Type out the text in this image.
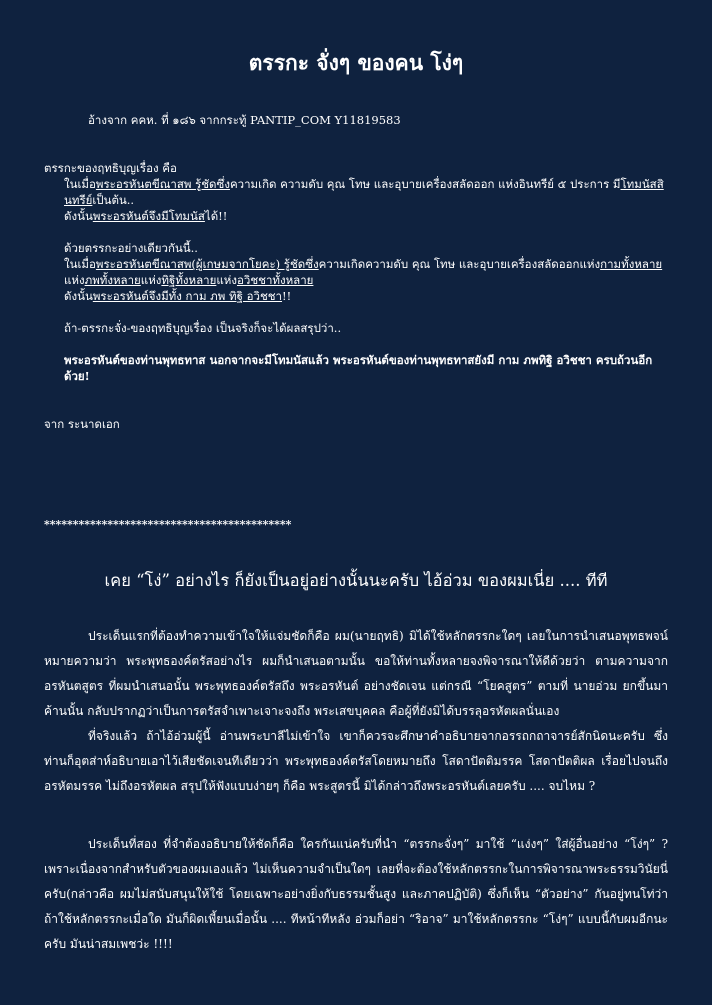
ตรรกะ จั่งๆ ของคน โง่ๆ

อ้างจาก คคห. ที่ ๑๘๖ จากกระทู้ PANTIP_COM Y11819583

ตรรกะของฤทธิบุญเรื่อง คือ

ในเมื่อพระอรหันตขีณาสพ รู้ชัดซึ่งความเกิด ความดับ คุณ โทษ และอุบายเครื่องสลัดออก แห่งอินทรีย์ ๕ ประการ มีโทมนัสสินทรีย์เป็นต้น..

ดังนั้นพระอรหันต์จึงมีโทมนัสได้!!

ด้วยตรรกะอย่างเดียวกันนี้..

ในเมื่อพระอรหันตขีณาสพ(ผู้เกษมจากโยคะ) รู้ชัดซึ่งความเกิดความดับ คุณ โทษ และอุบายเครื่องสลัดออกแห่งกามทั้งหลายแห่งภพทั้งหลายแห่งทิฐิทั้งหลายแห่งอวิชชาทั้งหลาย

ดังนั้นพระอรหันต์จึงมีทั้ง กาม ภพ ทิฐิ อวิชชา!!

ถ้า-ตรรกะจั่ง-ของฤทธิบุญเรื่อง เป็นจริงก็จะได้ผลสรุปว่า..

พระอรหันต์ของท่านพุทธทาส นอกจากจะมีโทมนัสแล้ว พระอรหันต์ของท่านพุทธทาสยังมี กาม ภพทิฐิ อวิชชา ครบถ้วนอีกด้วย!

จาก ระนาดเอก

*******************************************
เคย “โง่” อย่างไร ก็ยังเป็นอยู่อย่างนั้นนะครับ ไอ้อ่วม ของผมเนี่ย .... ทีที

ประเด็นแรกที่ต้องทำความเข้าใจให้แจ่มชัดก็คือ ผม(นายฤทธิ) มิได้ใช้หลักตรรกะใดๆ เลยในการนำเสนอพุทธพจน์ หมายความว่า พระพุทธองค์ตรัสอย่างไร ผมก็นำเสนอตามนั้น ขอให้ท่านทั้งหลายจงพิจารณาให้ดีด้วยว่า ตามความจาก อรหันตสูตร ที่ผมนำเสนอนั้น พระพุทธองค์ตรัสถึง พระอรหันต์ อย่างชัดเจน แต่กรณี “โยคสูตร” ตามที่ นายอ่วม ยกขึ้นมาค้านนั้น กลับปรากฏว่าเป็นการตรัสจำเพาะเจาะจงถึง พระเสขบุคคล คือผู้ที่ยังมิได้บรรลุอรหัตผลนั่นเอง

ที่จริงแล้ว ถ้าไอ้อ่วมผู้นี้ อ่านพระบาลีไม่เข้าใจ เขาก็ควรจะศึกษาคำอธิบายจากอรรถกถาจารย์สักนิดนะครับ ซึ่งท่านก็อุตส่าห์อธิบายเอาไว้เสียชัดเจนทีเดียวว่า พระพุทธองค์ตรัสโดยหมายถึง โสดาปัตติมรรค โสดาปัตติผล เรื่อยไปจนถึง อรหัตมรรค ไม่ถึงอรหัตผล สรุปให้ฟังแบบง่ายๆ ก็คือ พระสูตรนี้ มิได้กล่าวถึงพระอรหันต์เลยครับ .... จบไหม ?

ประเด็นที่สอง ที่จำต้องอธิบายให้ชัดก็คือ ใครกันแน่ครับที่นำ “ตรรกะจั่งๆ” มาใช้ “แง่งๆ” ใส่ผู้อื่นอย่าง “โง่ๆ” ? เพราะเนื่องจากสำหรับตัวของผมเองแล้ว ไม่เห็นความจำเป็นใดๆ เลยที่จะต้องใช้หลักตรรกะในการพิจารณาพระธรรมวินัยนี่ครับ(กล่าวคือ ผมไม่สนับสนุนให้ใช้ โดยเฉพาะอย่างยิ่งกับธรรมชั้นสูง และภาคปฏิบัติ) ซึ่งก็เห็น “ตัวอย่าง” กันอยู่ทนโท่ว่าถ้าใช้หลักตรรกะเมื่อใด มันก็ผิดเพี้ยนเมื่อนั้น .... ทีหน้าทีหลัง อ่วมก็อย่า “ริอาจ” มาใช้หลักตรรกะ “โง่ๆ” แบบนี้กับผมอีกนะครับ มันน่าสมเพชว่ะ !!!!
